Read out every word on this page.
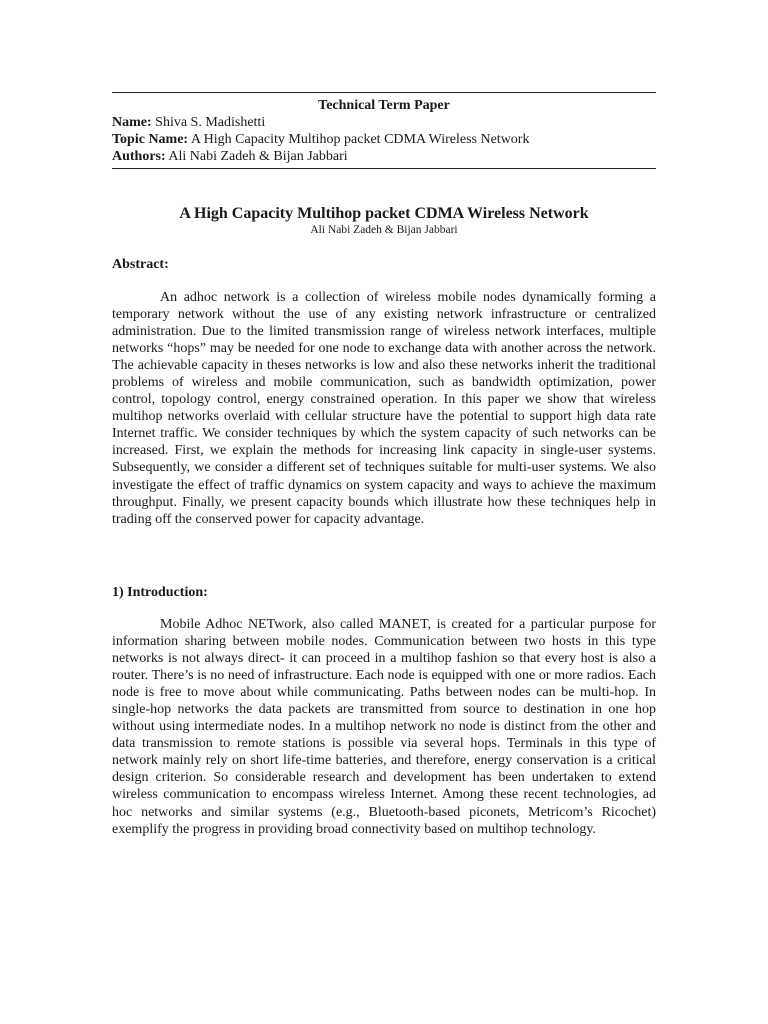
Technical Term Paper
Name: Shiva S. Madishetti
Topic Name: A High Capacity Multihop packet CDMA Wireless Network
Authors: Ali Nabi Zadeh & Bijan Jabbari
A High Capacity Multihop packet CDMA Wireless Network
Ali Nabi Zadeh & Bijan Jabbari
Abstract:

An adhoc network is a collection of wireless mobile nodes dynamically forming a temporary network without the use of any existing network infrastructure or centralized administration. Due to the limited transmission range of wireless network interfaces, multiple networks “hops” may be needed for one node to exchange data with another across the network. The achievable capacity in theses networks is low and also these networks inherit the traditional problems of wireless and mobile communication, such as bandwidth optimization, power control, topology control, energy constrained operation. In this paper we show that wireless multihop networks overlaid with cellular structure have the potential to support high data rate Internet traffic. We consider techniques by which the system capacity of such networks can be increased. First, we explain the methods for increasing link capacity in single-user systems. Subsequently, we consider a different set of techniques suitable for multi-user systems. We also investigate the effect of traffic dynamics on system capacity and ways to achieve the maximum throughput. Finally, we present capacity bounds which illustrate how these techniques help in trading off the conserved power for capacity advantage.

1) Introduction:

Mobile Adhoc NETwork, also called MANET, is created for a particular purpose for information sharing between mobile nodes. Communication between two hosts in this type networks is not always direct- it can proceed in a multihop fashion so that every host is also a router. There’s is no need of infrastructure. Each node is equipped with one or more radios. Each node is free to move about while communicating. Paths between nodes can be multi-hop. In single-hop networks the data packets are transmitted from source to destination in one hop without using intermediate nodes. In a multihop network no node is distinct from the other and data transmission to remote stations is possible via several hops. Terminals in this type of network mainly rely on short life-time batteries, and therefore, energy conservation is a critical design criterion. So considerable research and development has been undertaken to extend wireless communication to encompass wireless Internet. Among these recent technologies, ad hoc networks and similar systems (e.g., Bluetooth-based piconets, Metricom’s Ricochet) exemplify the progress in providing broad connectivity based on multihop technology.
